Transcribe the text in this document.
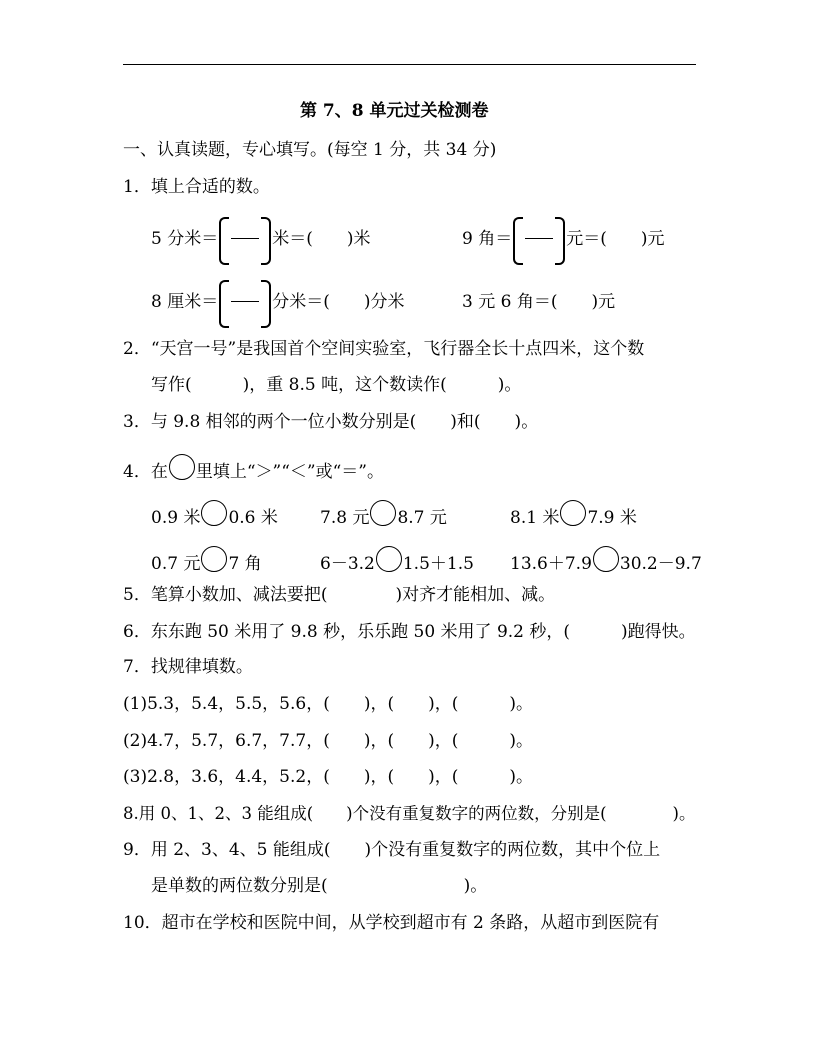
第 7、8 单元过关检测卷
一、认真读题，专心填写。(每空 1 分，共 34 分)
1．填上合适的数。
5 分米＝	米＝(　　)米	9 角＝	元＝(　　)元
8 厘米＝	分米＝(　　)分米	3 元 6 角＝(　　)元
2．“天宫一号”是我国首个空间实验室，飞行器全长十点四米，这个数
写作(　　　)，重 8.5 吨，这个数读作(　　　)。
3．与 9.8 相邻的两个一位小数分别是(　　)和(　　)。
4．在 里填上“＞”“＜”或“＝”。
0.9 米 0.6 米 7.8 元 8.7 元	8.1 米 7.9 米
0.7 元 7 角	6－3.2 1.5＋1.5 13.6＋7.9 30.2－9.7
5．笔算小数加、减法要把(　　　　)对齐才能相加、减。
6．东东跑 50 米用了 9.8 秒，乐乐跑 50 米用了 9.2 秒，(　　　)跑得快。
7．找规律填数。
(1)5.3，5.4，5.5，5.6，(　　)，(　　)，(　　　)。
(2)4.7，5.7，6.7，7.7，(　　)，(　　)，(　　　)。
(3)2.8，3.6，4.4，5.2，(　　)，(　　)，(　　　)。
8.用 0、1、2、3 能组成(　　)个没有重复数字的两位数，分别是(　　　　)。
9．用 2、3、4、5 能组成(　　)个没有重复数字的两位数，其中个位上
是单数的两位数分别是(　　　　　　　　)。
10．超市在学校和医院中间，从学校到超市有 2 条路，从超市到医院有
